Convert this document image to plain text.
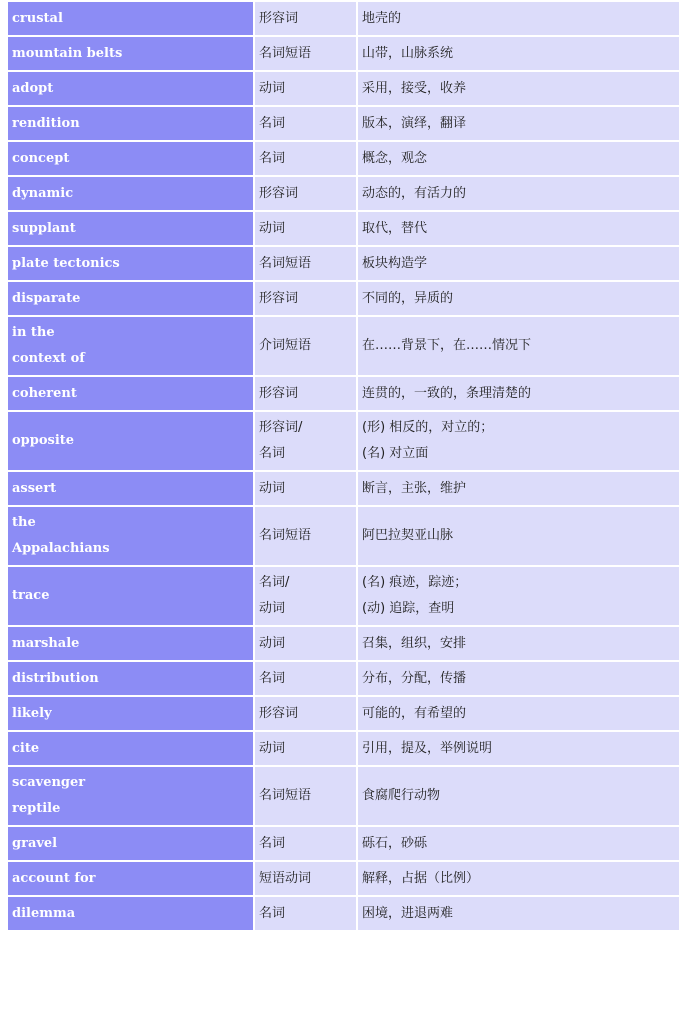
crustal	形容词	地壳的

mountain belts	名词短语	山带，山脉系统

adopt	动词	采用，接受，收养

rendition	名词	版本，演绎，翻译

concept	名词	概念，观念

dynamic	形容词	动态的，有活力的

supplant	动词	取代，替代

plate tectonics	名词短语	板块构造学

disparate	形容词	不同的，异质的

in the
context of	介词短语	在……背景下，在……情况下

coherent	形容词	连贯的，一致的，条理清楚的

opposite	形容词/
名词	(形) 相反的，对立的；
(名) 对立面

assert	动词	断言，主张，维护

the
Appalachians	名词短语	阿巴拉契亚山脉

trace	名词/
动词	(名) 痕迹，踪迹；
(动) 追踪，查明

marshale	动词	召集，组织，安排

distribution	名词	分布，分配，传播

likely	形容词	可能的，有希望的

cite	动词	引用，提及，举例说明

scavenger
reptile	名词短语	食腐爬行动物

gravel	名词	砾石，砂砾

account for	短语动词	解释，占据（比例）

dilemma	名词	困境，进退两难
